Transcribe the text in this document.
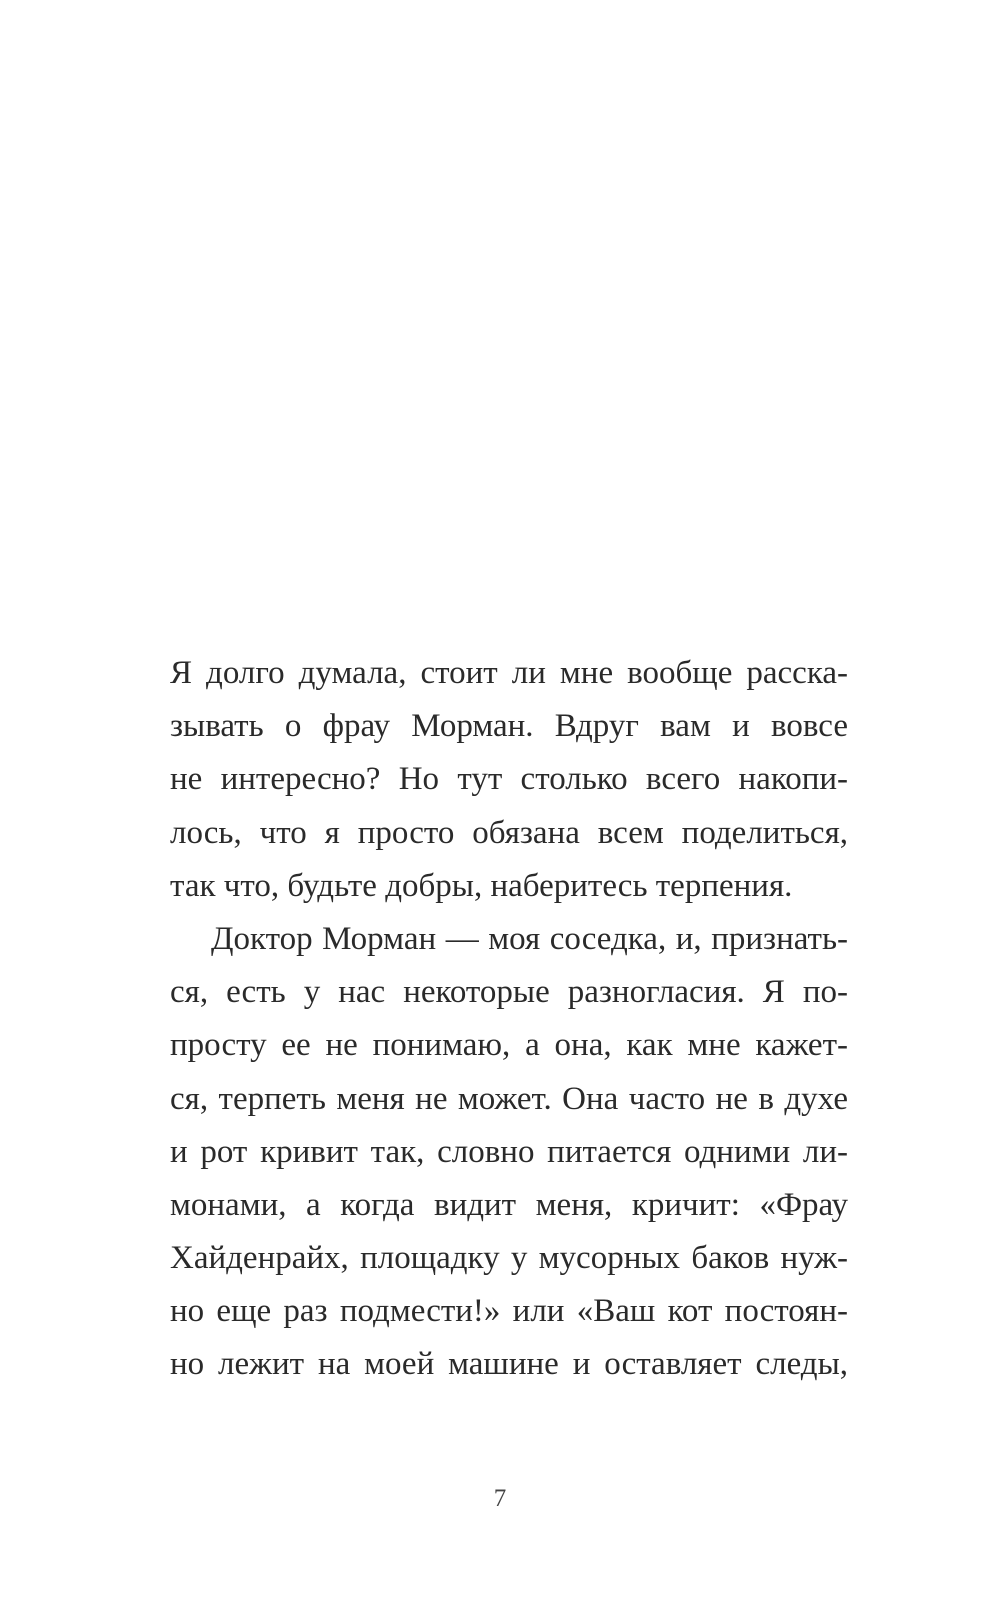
Я долго думала, стоит ли мне вообще расска-
зывать о фрау Морман. Вдруг вам и вовсе
не интересно? Но тут столько всего накопи-
лось, что я просто обязана всем поделиться,
так что, будьте добры, наберитесь терпения.
Доктор Морман — моя соседка, и, признать-
ся, есть у нас некоторые разногласия. Я по-
просту ее не понимаю, а она, как мне кажет-
ся, терпеть меня не может. Она часто не в духе
и рот кривит так, словно питается одними ли-
монами, а когда видит меня, кричит: «Фрау
Хайденрайх, площадку у мусорных баков нуж-
но еще раз подмести!» или «Ваш кот постоян-
но лежит на моей машине и оставляет следы,
7
